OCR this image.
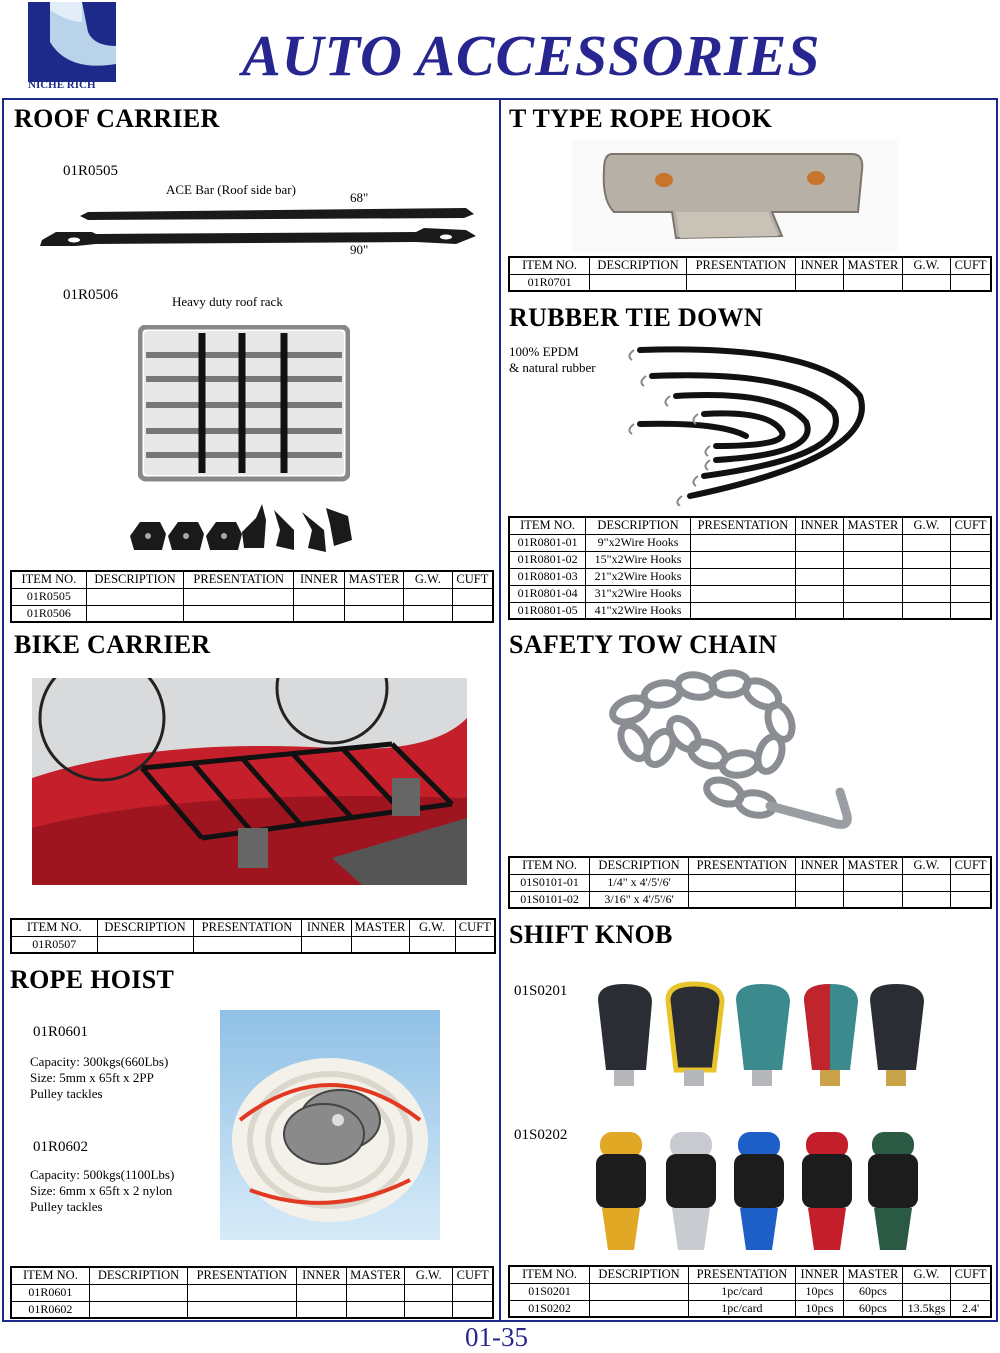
NICHE RICH	AUTO ACCESSORIES
ROOF CARRIER
01R0505
ACE Bar (Roof side bar)
68"
90"
01R0506	Heavy duty roof rack
ITEM NO.	DESCRIPTION	PRESENTATION	INNER	MASTER	G.W.	CUFT
01R0505						
01R0506						
BIKE CARRIER
ITEM NO.	DESCRIPTION	PRESENTATION	INNER	MASTER	G.W.	CUFT
01R0507						
ROPE HOIST
01R0601
Capacity: 300kgs(660Lbs)
Size: 5mm x 65ft x 2PP
Pulley tackles
01R0602
Capacity: 500kgs(1100Lbs)
Size: 6mm x 65ft x 2 nylon
Pulley tackles
ITEM NO.	DESCRIPTION	PRESENTATION	INNER	MASTER	G.W.	CUFT
01R0601						
01R0602						
T TYPE ROPE HOOK
ITEM NO.	DESCRIPTION	PRESENTATION	INNER	MASTER	G.W.	CUFT
01R0701						
RUBBER TIE DOWN
100% EPDM
& natural rubber
ITEM NO.	DESCRIPTION	PRESENTATION	INNER	MASTER	G.W.	CUFT
01R0801-01	9"x2Wire Hooks					
01R0801-02	15"x2Wire Hooks					
01R0801-03	21"x2Wire Hooks					
01R0801-04	31"x2Wire Hooks					
01R0801-05	41"x2Wire Hooks					
SAFETY TOW CHAIN
ITEM NO.	DESCRIPTION	PRESENTATION	INNER	MASTER	G.W.	CUFT
01S0101-01	1/4" x 4'/5'/6'					
01S0101-02	3/16" x 4'/5'/6'					
SHIFT KNOB
01S0201
01S0202
ITEM NO.	DESCRIPTION	PRESENTATION	INNER	MASTER	G.W.	CUFT
01S0201		1pc/card	10pcs	60pcs		
01S0202		1pc/card	10pcs	60pcs	13.5kgs	2.4'
01-35
